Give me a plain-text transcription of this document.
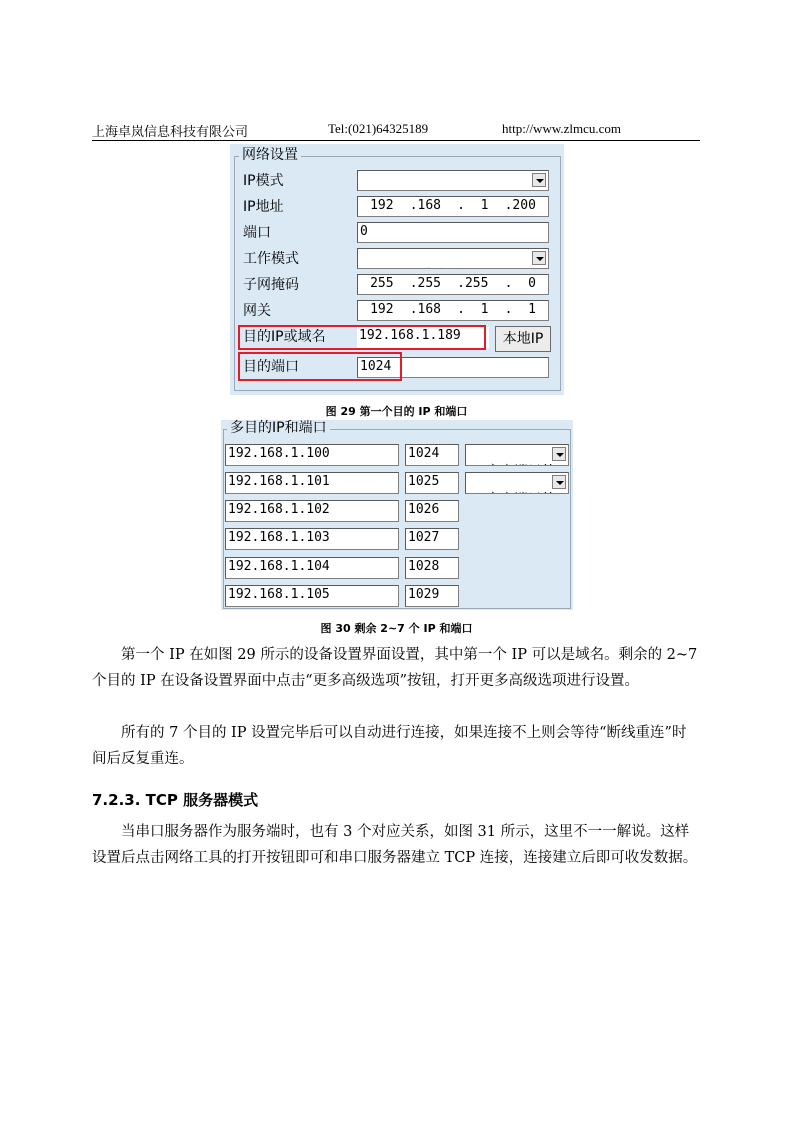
上海卓岚信息科技有限公司	Tel:(021)64325189	http://www.zlmcu.com
网络设置
IP模式

IP地址	192 .168 .  1 .200
端口	0
工作模式

子网掩码	255 .255 .255 .  0
网关	192 .168 .  1 .  1
目的IP或域名	192.168.1.189	本地IP
目的端口	1024
图 29 第一个目的 IP 和端口
多目的IP和端口
192.168.1.100	1024

192.168.1.101	1025

192.168.1.102	1026
192.168.1.103	1027
192.168.1.104	1028
192.168.1.105	1029
图 30 剩余 2~7 个 IP 和端口
第一个 IP 在如图 29 所示的设备设置界面设置，其中第一个 IP 可以是域名。剩余的 2~7 个目的 IP 在设备设置界面中点击“更多高级选项”按钮，打开更多高级选项进行设置。
所有的 7 个目的 IP 设置完毕后可以自动进行连接，如果连接不上则会等待“断线重连”时间后反复重连。
7.2.3. TCP 服务器模式
当串口服务器作为服务端时，也有 3 个对应关系，如图 31 所示，这里不一一解说。这样设置后点击网络工具的打开按钮即可和串口服务器建立 TCP 连接，连接建立后即可收发数据。
